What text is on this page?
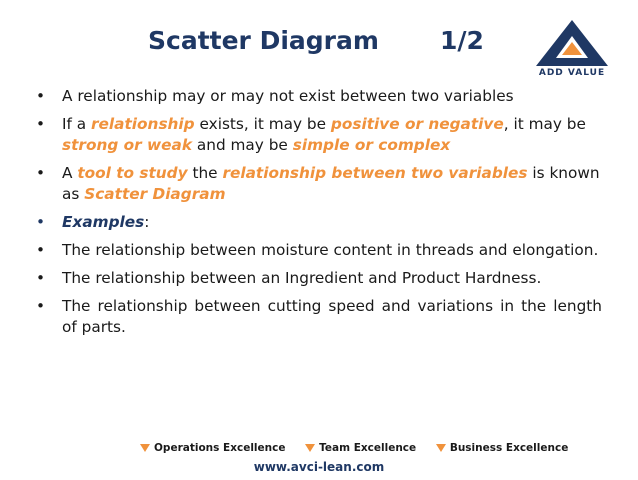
Scatter Diagram 1/2
ADD VALUE
• A relationship may or may not exist between two variables
• If a relationship exists, it may be positive or negative, it may be strong or weak and may be simple or complex
• A tool to study the relationship between two variables is known as Scatter Diagram
• Examples:
• The relationship between moisture content in threads and elongation.
• The relationship between an Ingredient and Product Hardness.
• The relationship between cutting speed and variations in the length of parts.
Operations Excellence	Team Excellence	Business Excellence
www.avci-lean.com
